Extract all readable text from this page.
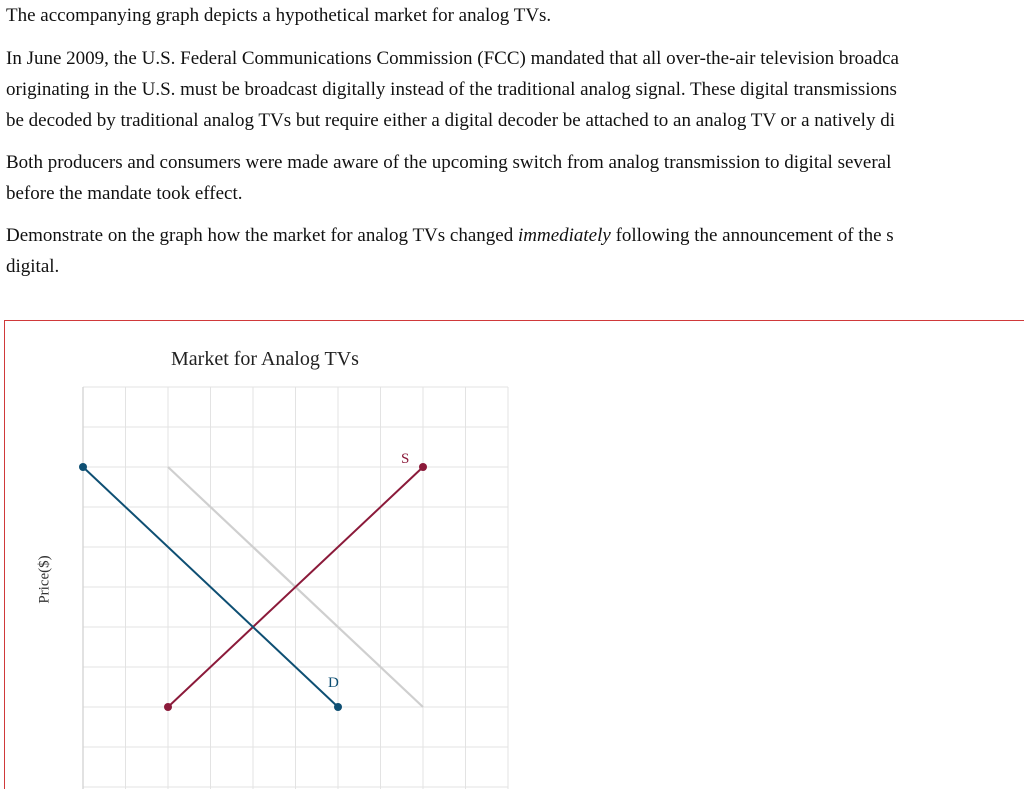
The accompanying graph depicts a hypothetical market for analog TVs.

In June 2009, the U.S. Federal Communications Commission (FCC) mandated that all over-the-air television broadca

originating in the U.S. must be broadcast digitally instead of the traditional analog signal. These digital transmissions

be decoded by traditional analog TVs but require either a digital decoder be attached to an analog TV or a natively di

Both producers and consumers were made aware of the upcoming switch from analog transmission to digital several

before the mandate took effect.

Demonstrate on the graph how the market for analog TVs changed immediately following the announcement of the s

digital.

Market for Analog TVs
Price($)
S
D
